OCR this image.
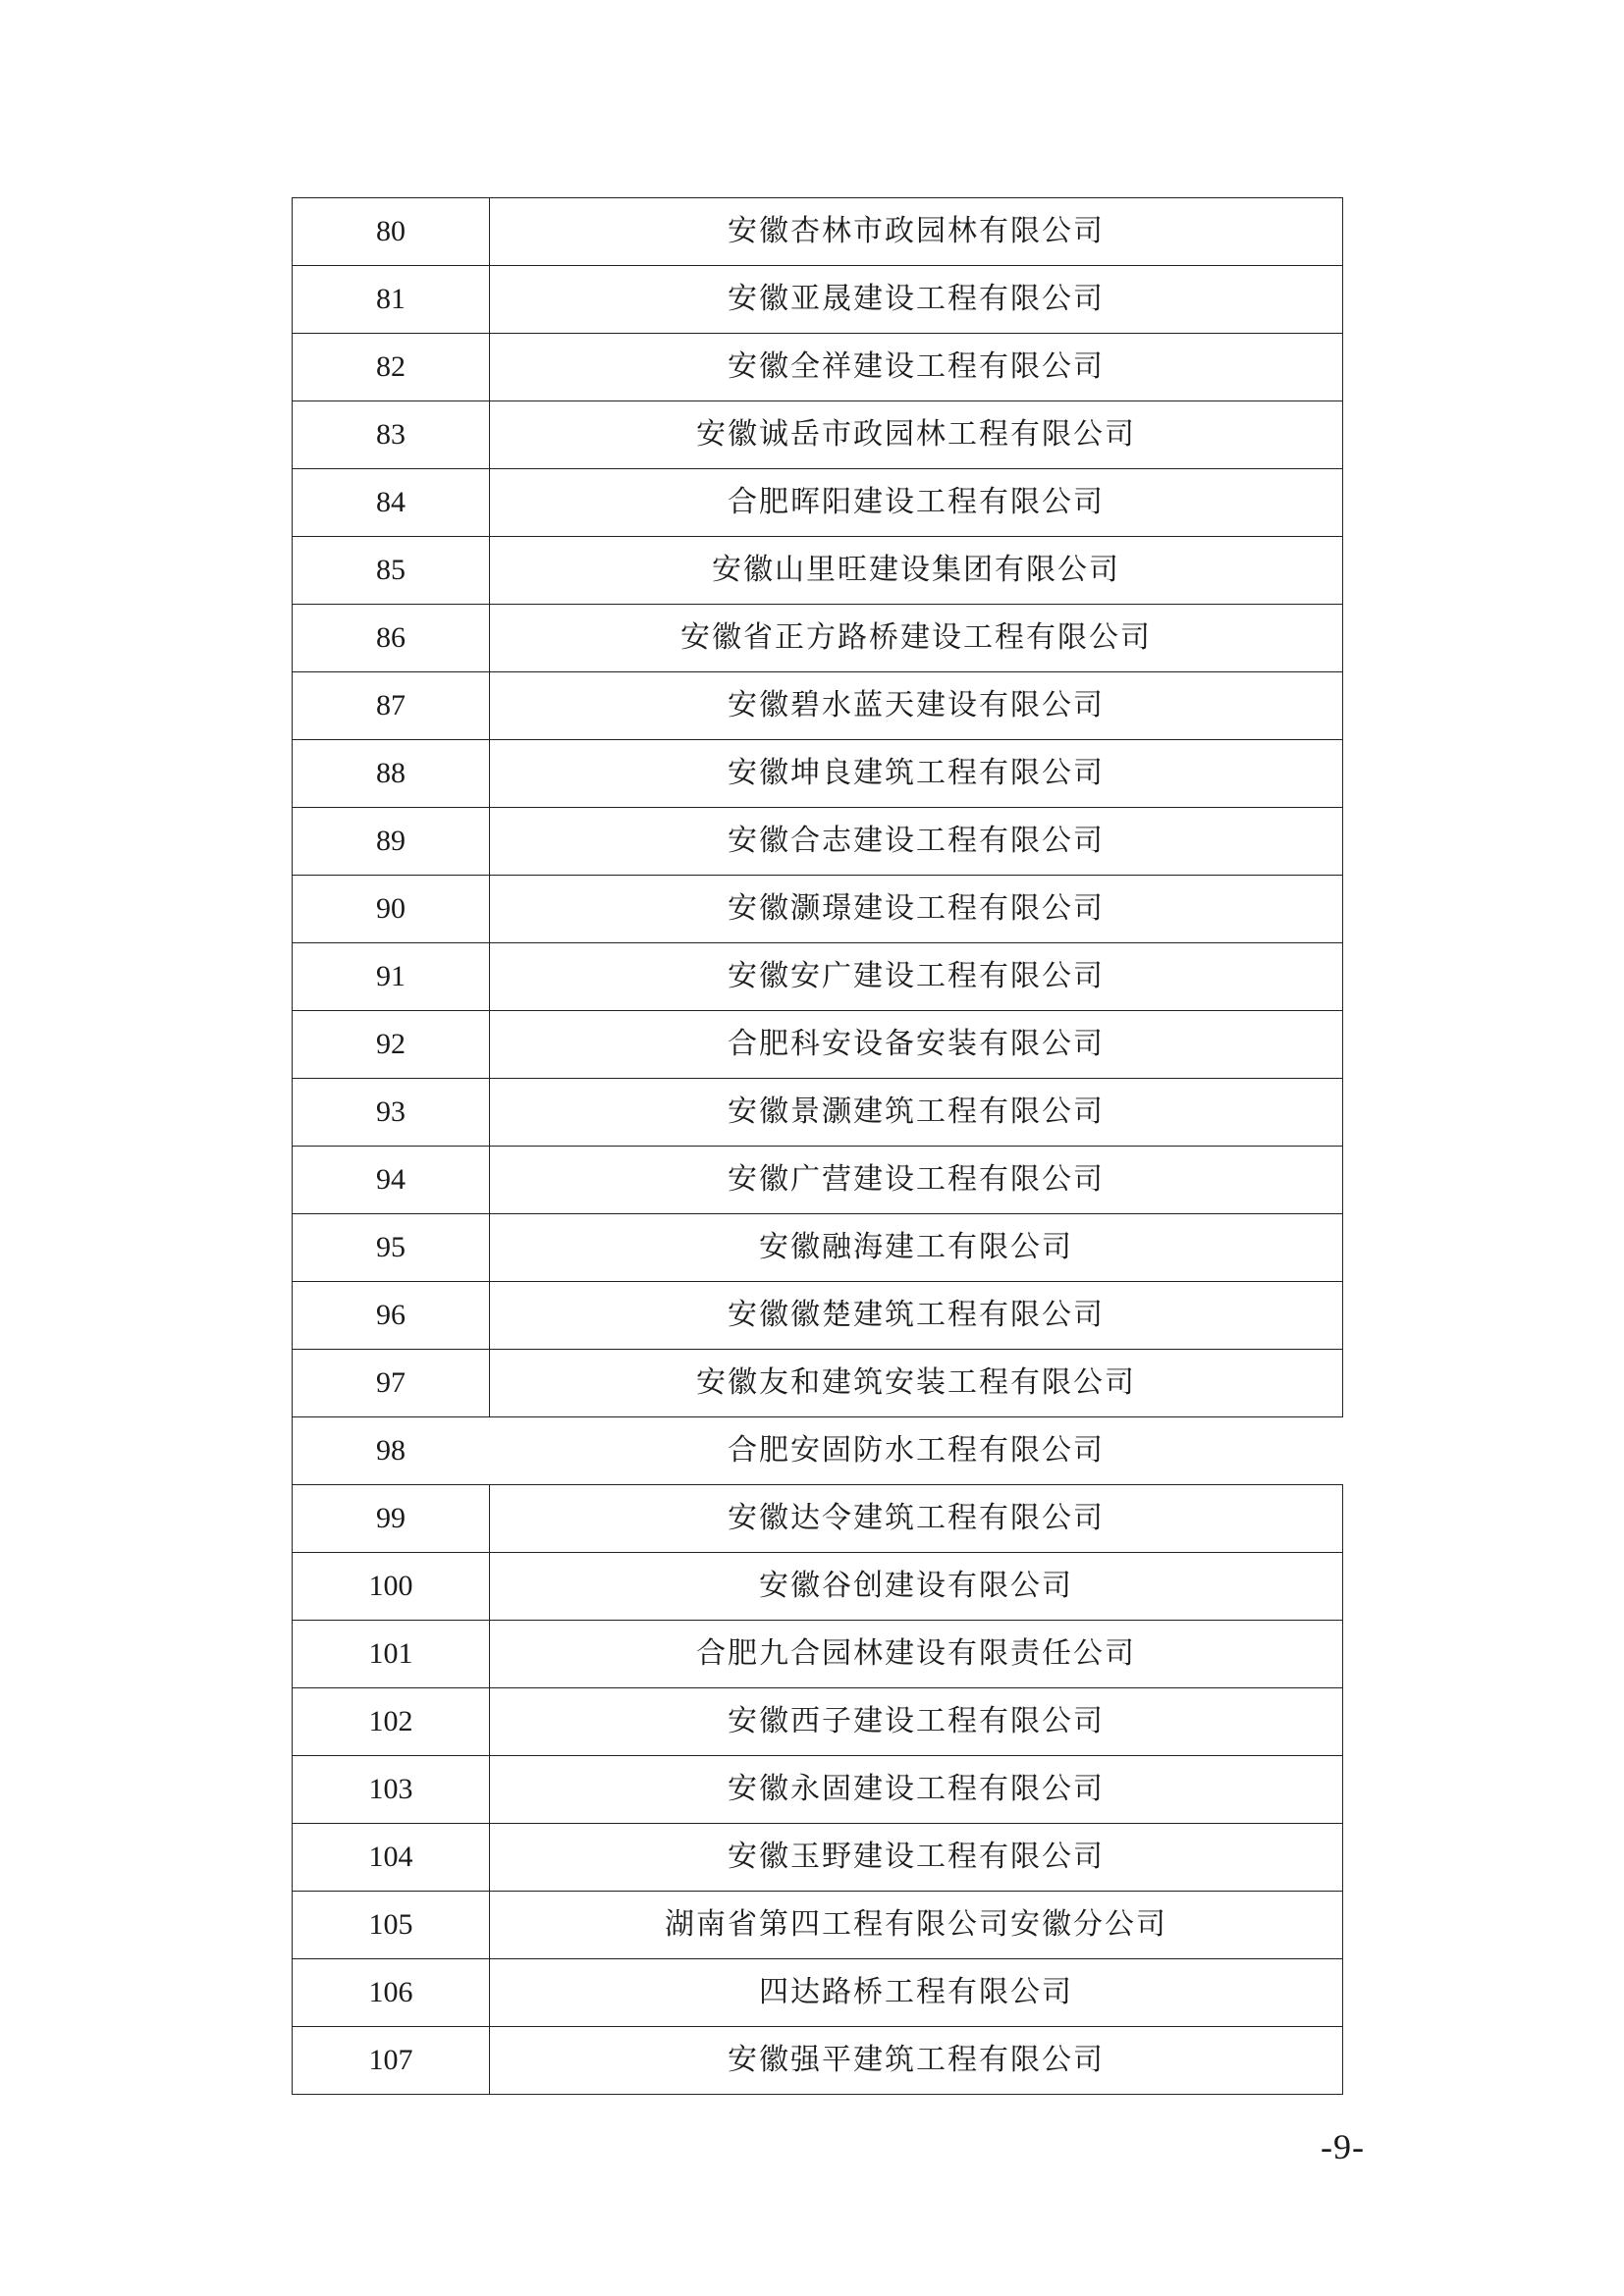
80	安徽杏林市政园林有限公司
81	安徽亚晟建设工程有限公司
82	安徽全祥建设工程有限公司
83	安徽诚岳市政园林工程有限公司
84	合肥晖阳建设工程有限公司
85	安徽山里旺建设集团有限公司
86	安徽省正方路桥建设工程有限公司
87	安徽碧水蓝天建设有限公司
88	安徽坤良建筑工程有限公司
89	安徽合志建设工程有限公司
90	安徽灏璟建设工程有限公司
91	安徽安广建设工程有限公司
92	合肥科安设备安装有限公司
93	安徽景灏建筑工程有限公司
94	安徽广营建设工程有限公司
95	安徽融海建工有限公司
96	安徽徽楚建筑工程有限公司
97	安徽友和建筑安装工程有限公司
98	合肥安固防水工程有限公司
99	安徽达令建筑工程有限公司
100	安徽谷创建设有限公司
101	合肥九合园林建设有限责任公司
102	安徽西子建设工程有限公司
103	安徽永固建设工程有限公司
104	安徽玉野建设工程有限公司
105	湖南省第四工程有限公司安徽分公司
106	四达路桥工程有限公司
107	安徽强平建筑工程有限公司
-9-
